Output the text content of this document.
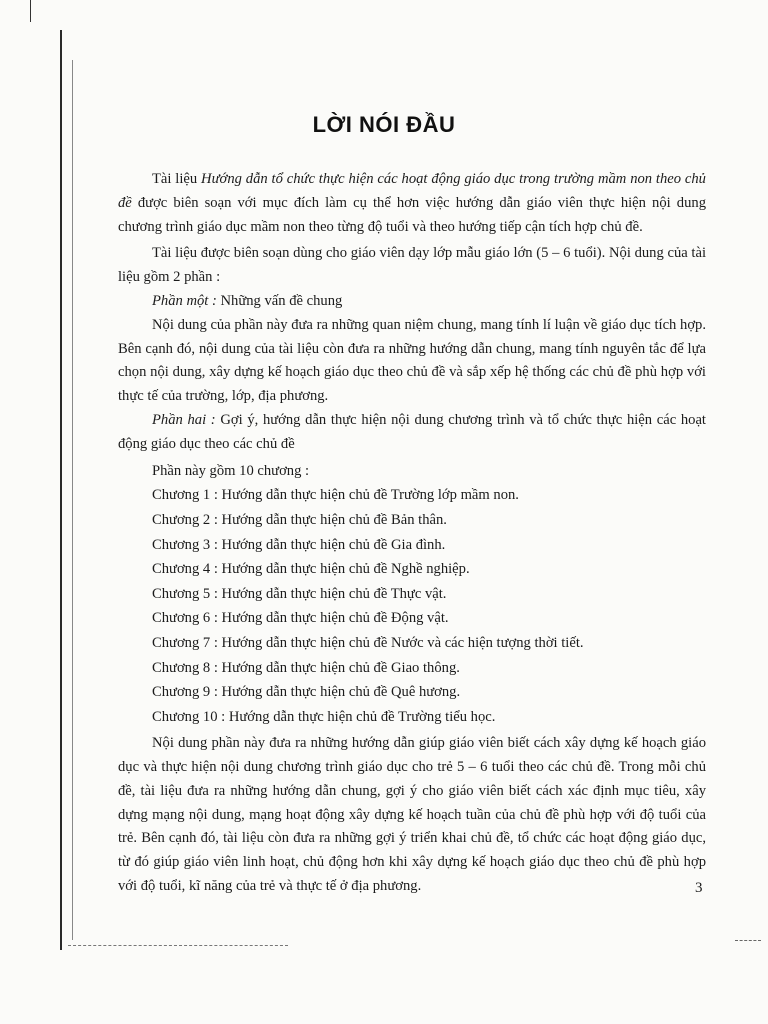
LỜI NÓI ĐẦU

Tài liệu Hướng dẫn tổ chức thực hiện các hoạt động giáo dục trong trường mầm non theo chủ đề được biên soạn với mục đích làm cụ thể hơn việc hướng dẫn giáo viên thực hiện nội dung chương trình giáo dục mầm non theo từng độ tuổi và theo hướng tiếp cận tích hợp chủ đề.

Tài liệu được biên soạn dùng cho giáo viên dạy lớp mẫu giáo lớn (5 – 6 tuổi). Nội dung của tài liệu gồm 2 phần :

Phần một : Những vấn đề chung

Nội dung của phần này đưa ra những quan niệm chung, mang tính lí luận về giáo dục tích hợp. Bên cạnh đó, nội dung của tài liệu còn đưa ra những hướng dẫn chung, mang tính nguyên tắc để lựa chọn nội dung, xây dựng kế hoạch giáo dục theo chủ đề và sắp xếp hệ thống các chủ đề phù hợp với thực tế của trường, lớp, địa phương.

Phần hai : Gợi ý, hướng dẫn thực hiện nội dung chương trình và tổ chức thực hiện các hoạt động giáo dục theo các chủ đề

Phần này gồm 10 chương :

Chương 1 : Hướng dẫn thực hiện chủ đề Trường lớp mầm non.
Chương 2 : Hướng dẫn thực hiện chủ đề Bản thân.
Chương 3 : Hướng dẫn thực hiện chủ đề Gia đình.
Chương 4 : Hướng dẫn thực hiện chủ đề Nghề nghiệp.
Chương 5 : Hướng dẫn thực hiện chủ đề Thực vật.
Chương 6 : Hướng dẫn thực hiện chủ đề Động vật.
Chương 7 : Hướng dẫn thực hiện chủ đề Nước và các hiện tượng thời tiết.
Chương 8 : Hướng dẫn thực hiện chủ đề Giao thông.
Chương 9 : Hướng dẫn thực hiện chủ đề Quê hương.
Chương 10 : Hướng dẫn thực hiện chủ đề Trường tiểu học.

Nội dung phần này đưa ra những hướng dẫn giúp giáo viên biết cách xây dựng kế hoạch giáo dục và thực hiện nội dung chương trình giáo dục cho trẻ 5 – 6 tuổi theo các chủ đề. Trong mỗi chủ đề, tài liệu đưa ra những hướng dẫn chung, gợi ý cho giáo viên biết cách xác định mục tiêu, xây dựng mạng nội dung, mạng hoạt động xây dựng kế hoạch tuần của chủ đề phù hợp với độ tuổi của trẻ. Bên cạnh đó, tài liệu còn đưa ra những gợi ý triển khai chủ đề, tổ chức các hoạt động giáo dục, từ đó giúp giáo viên linh hoạt, chủ động hơn khi xây dựng kế hoạch giáo dục theo chủ đề phù hợp với độ tuổi, kĩ năng của trẻ và thực tế ở địa phương.	3
